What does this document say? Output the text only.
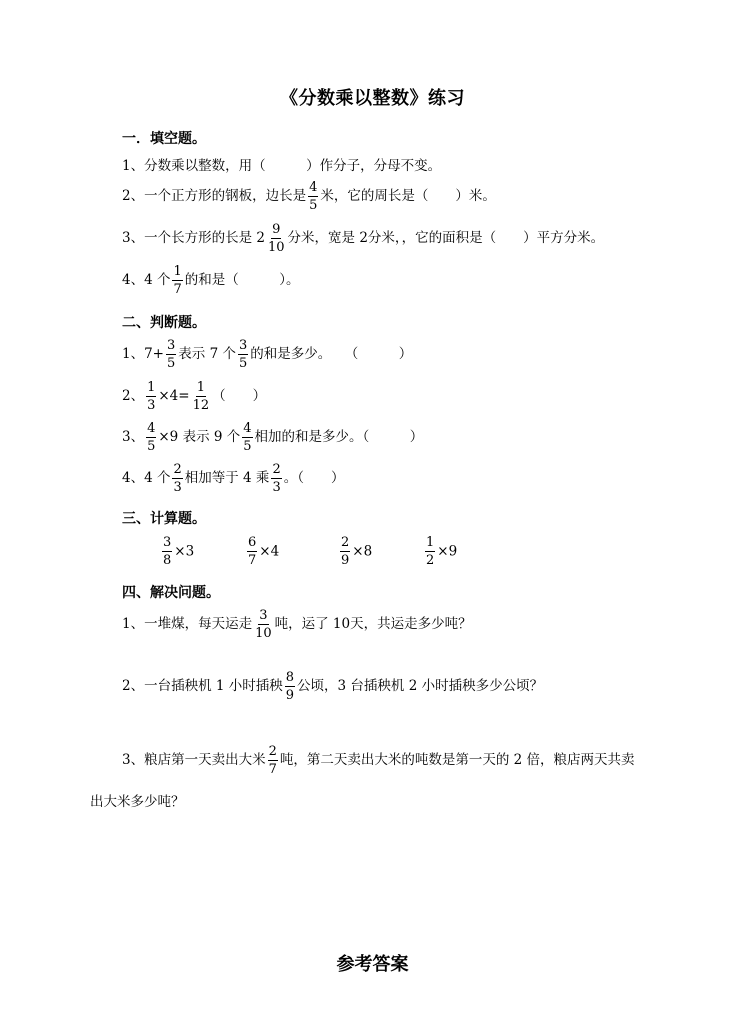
《分数乘以整数》练习
一．填空题。
1、分数乘以整数，用（　　　）作分子，分母不变。
2、一个正方形的钢板，边长是 $\frac{4}{5}$ 米，它的周长是（　　）米。
3、一个长方形的长是 $2 \frac{9}{10}$ 分米，宽是 2分米，，它的面积是（　　）平方分米。
4、4 个 $\frac{1}{7}$ 的和是（　　　）。
二、判断题。
1、$7+ \frac{3}{5}$ 表示 7 个 $\frac{3}{5}$ 的和是多少。　　（　　　）
2、 $\frac{1}{3} \times 4= \frac{1}{12}$ （　　）
3、 $\frac{4}{5} \times 9$ 表示 9 个 $\frac{4}{5}$ 相加的和是多少。（　　　）
4、4 个 $\frac{2}{3}$ 相加等于 4 乘 $\frac{2}{3}$ 。（　　）
三、计算题。
$\frac{3}{8} \times 3$	$\frac{6}{7} \times 4$	$\frac{2}{9} \times 8$	$\frac{1}{2} \times 9$
四、解决问题。
1、一堆煤，每天运走 $\frac{3}{10}$ 吨，运了 10天，共运走多少吨？
2、一台插秧机 1 小时插秧 $\frac{8}{9}$ 公顷，3 台插秧机 2 小时插秧多少公顷？
3、粮店第一天卖出大米 $\frac{2}{7}$ 吨，第二天卖出大米的吨数是第一天的 2 倍，粮店两天共卖
出大米多少吨？
参考答案
